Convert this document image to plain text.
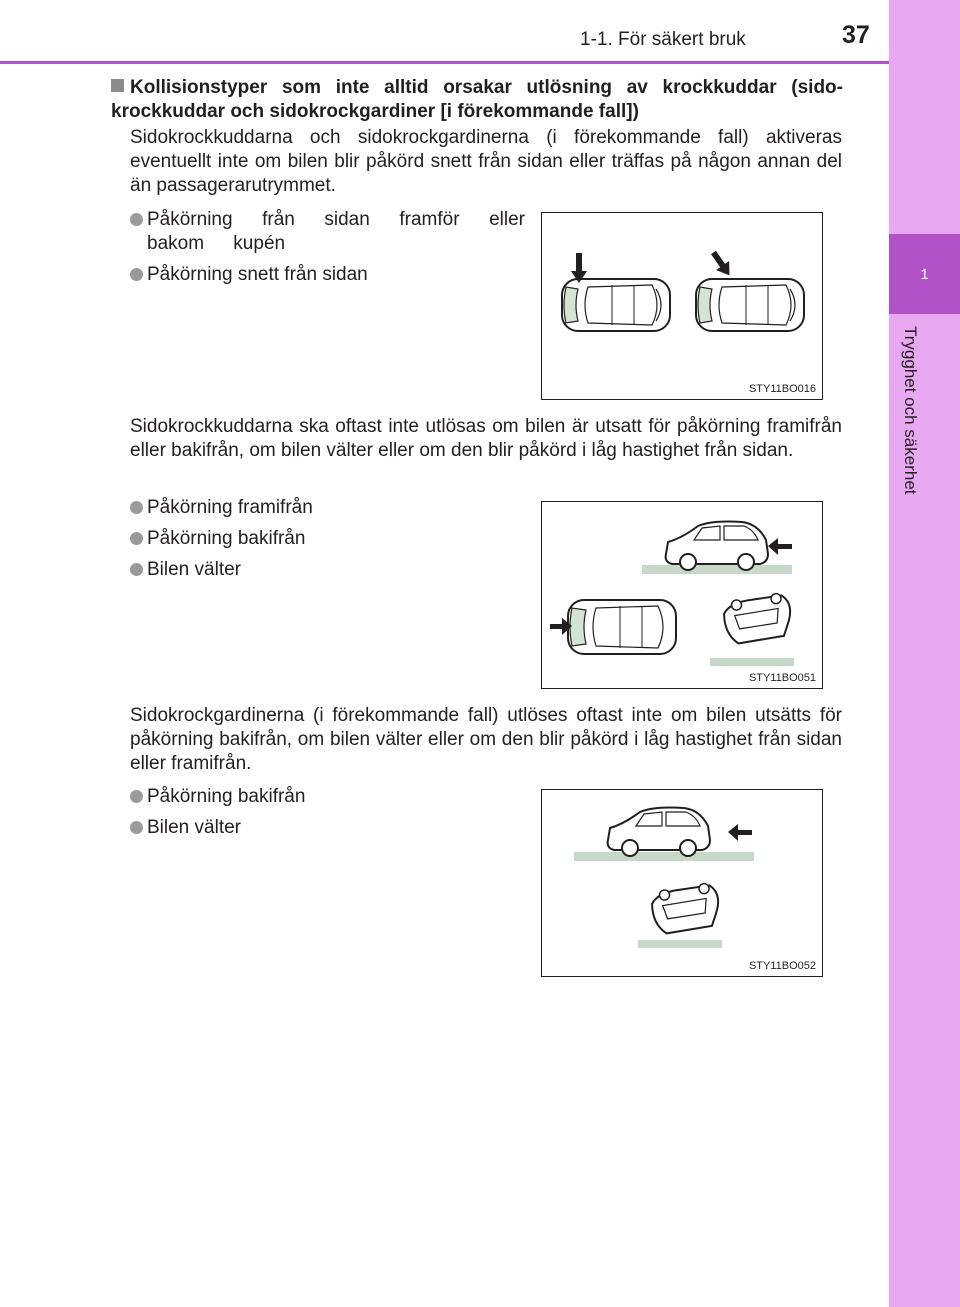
1-1. För säkert bruk	37
1
Trygghet och säkerhet
Kollisionstyper som inte alltid orsakar utlösning av krockkuddar (sido-krockkuddar och sidokrockgardiner [i förekommande fall])
Sidokrockkuddarna och sidokrockgardinerna (i förekommande fall) aktiveras eventuellt inte om bilen blir påkörd snett från sidan eller träffas på någon annan del än passagerarutrymmet.
Påkörning från sidan framför eller bakom kupén
Påkörning snett från sidan
STY11BO016
Sidokrockkuddarna ska oftast inte utlösas om bilen är utsatt för påkörning framifrån eller bakifrån, om bilen välter eller om den blir påkörd i låg hastighet från sidan.
Påkörning framifrån
Påkörning bakifrån
Bilen välter
STY11BO051
Sidokrockgardinerna (i förekommande fall) utlöses oftast inte om bilen utsätts för påkörning bakifrån, om bilen välter eller om den blir påkörd i låg hastighet från sidan eller framifrån.
Påkörning bakifrån
Bilen välter
STY11BO052
